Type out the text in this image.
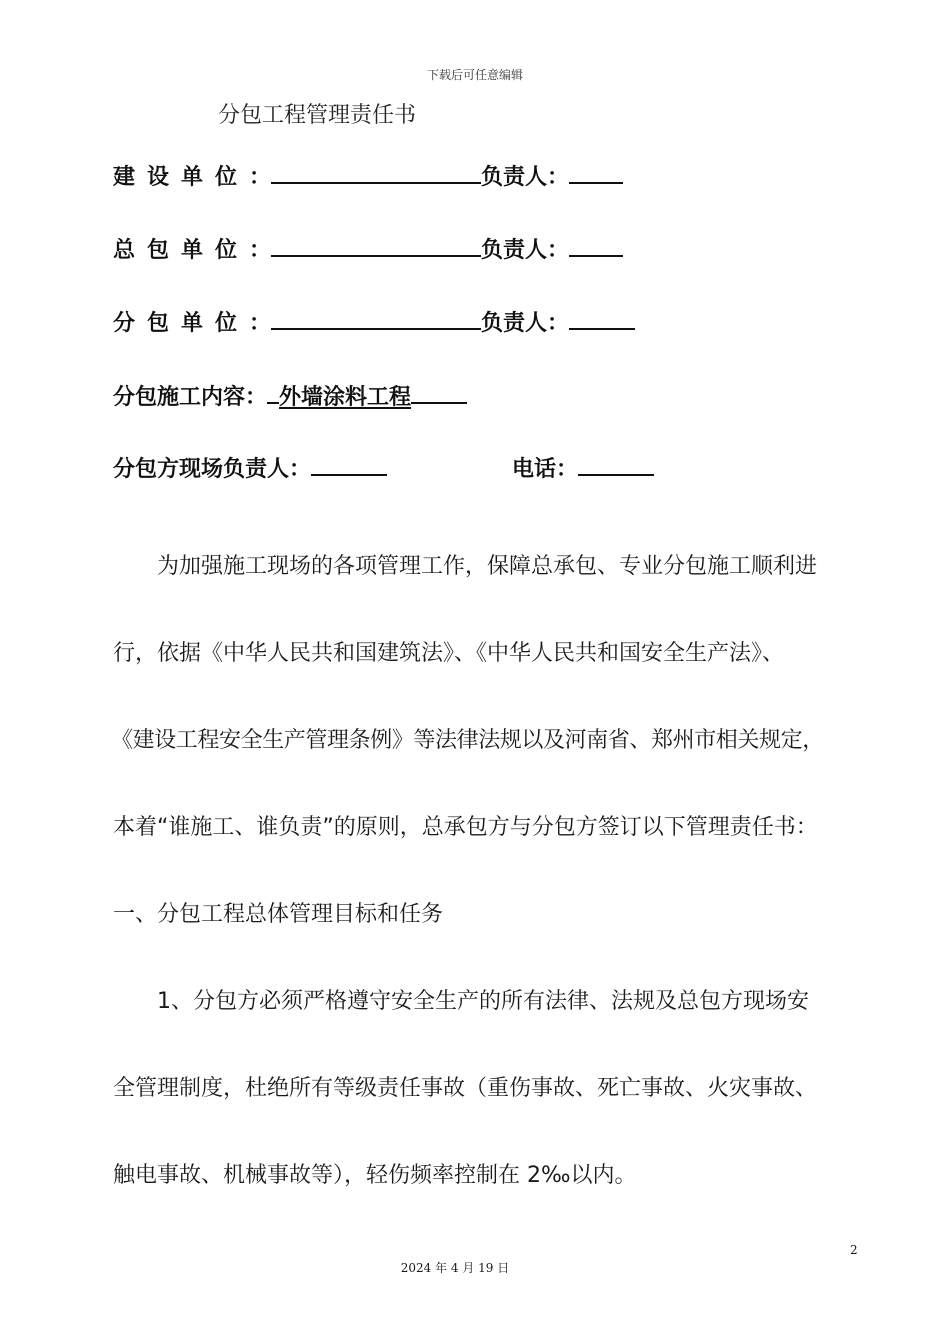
下载后可任意编辑
分包工程管理责任书
建设单位：	负责人：
总包单位：	负责人：
分包单位：	负责人：
分包施工内容： 外墙涂料工程
分包方现场负责人：	电话：
为加强施工现场的各项管理工作，保障总承包、专业分包施工顺利进
行，依据《中华人民共和国建筑法》、《中华人民共和国安全生产法》、
《建设工程安全生产管理条例》等法律法规以及河南省、郑州市相关规定，
本着“谁施工、谁负责”的原则，总承包方与分包方签订以下管理责任书：
一、分包工程总体管理目标和任务
1、分包方必须严格遵守安全生产的所有法律、法规及总包方现场安
全管理制度，杜绝所有等级责任事故（重伤事故、死亡事故、火灾事故、
触电事故、机械事故等），轻伤频率控制在 2‰以内。
2
2024 年 4 月 19 日
